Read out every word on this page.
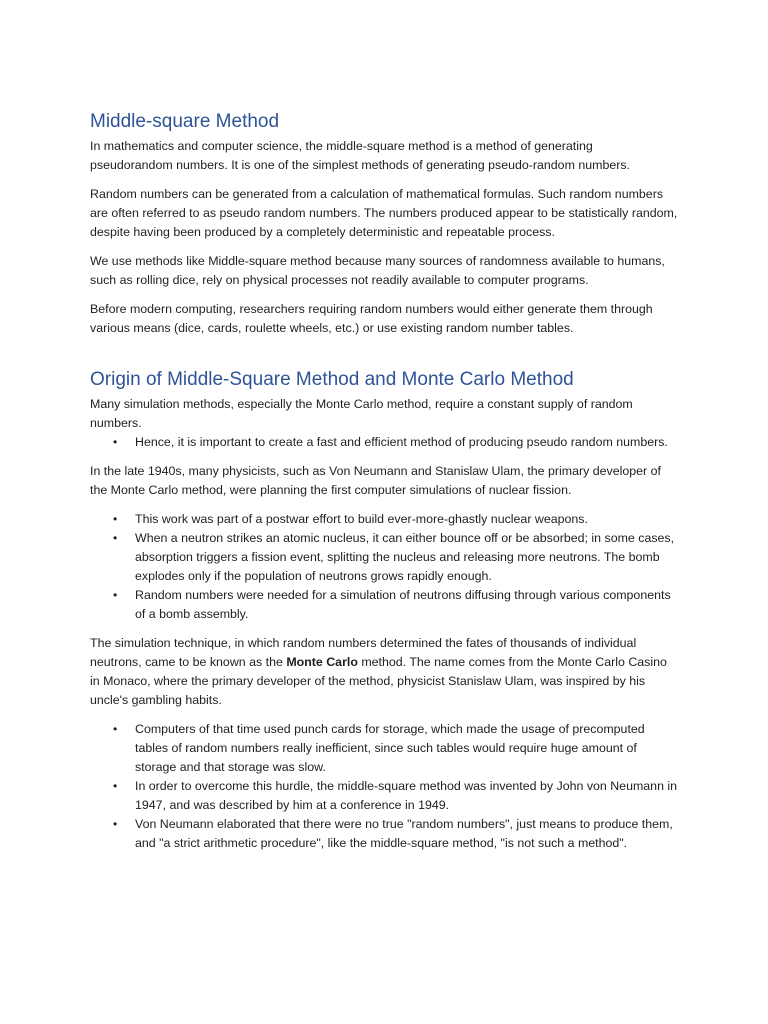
Middle-square Method

In mathematics and computer science, the middle-square method is a method of generating pseudorandom numbers. It is one of the simplest methods of generating pseudo-random numbers.

Random numbers can be generated from a calculation of mathematical formulas. Such random numbers are often referred to as pseudo random numbers. The numbers produced appear to be statistically random, despite having been produced by a completely deterministic and repeatable process.

We use methods like Middle-square method because many sources of randomness available to humans, such as rolling dice, rely on physical processes not readily available to computer programs.

Before modern computing, researchers requiring random numbers would either generate them through various means (dice, cards, roulette wheels, etc.) or use existing random number tables.

Origin of Middle-Square Method and Monte Carlo Method

Many simulation methods, especially the Monte Carlo method, require a constant supply of random numbers.

• Hence, it is important to create a fast and efficient method of producing pseudo random numbers.

In the late 1940s, many physicists, such as Von Neumann and Stanislaw Ulam, the primary developer of the Monte Carlo method, were planning the first computer simulations of nuclear fission.

• This work was part of a postwar effort to build ever-more-ghastly nuclear weapons.
• When a neutron strikes an atomic nucleus, it can either bounce off or be absorbed; in some cases, absorption triggers a fission event, splitting the nucleus and releasing more neutrons. The bomb explodes only if the population of neutrons grows rapidly enough.
• Random numbers were needed for a simulation of neutrons diffusing through various components of a bomb assembly.

The simulation technique, in which random numbers determined the fates of thousands of individual neutrons, came to be known as the Monte Carlo method. The name comes from the Monte Carlo Casino in Monaco, where the primary developer of the method, physicist Stanislaw Ulam, was inspired by his uncle's gambling habits.

• Computers of that time used punch cards for storage, which made the usage of precomputed tables of random numbers really inefficient, since such tables would require huge amount of storage and that storage was slow.
• In order to overcome this hurdle, the middle-square method was invented by John von Neumann in 1947, and was described by him at a conference in 1949.
• Von Neumann elaborated that there were no true "random numbers", just means to produce them, and "a strict arithmetic procedure", like the middle-square method, "is not such a method".
